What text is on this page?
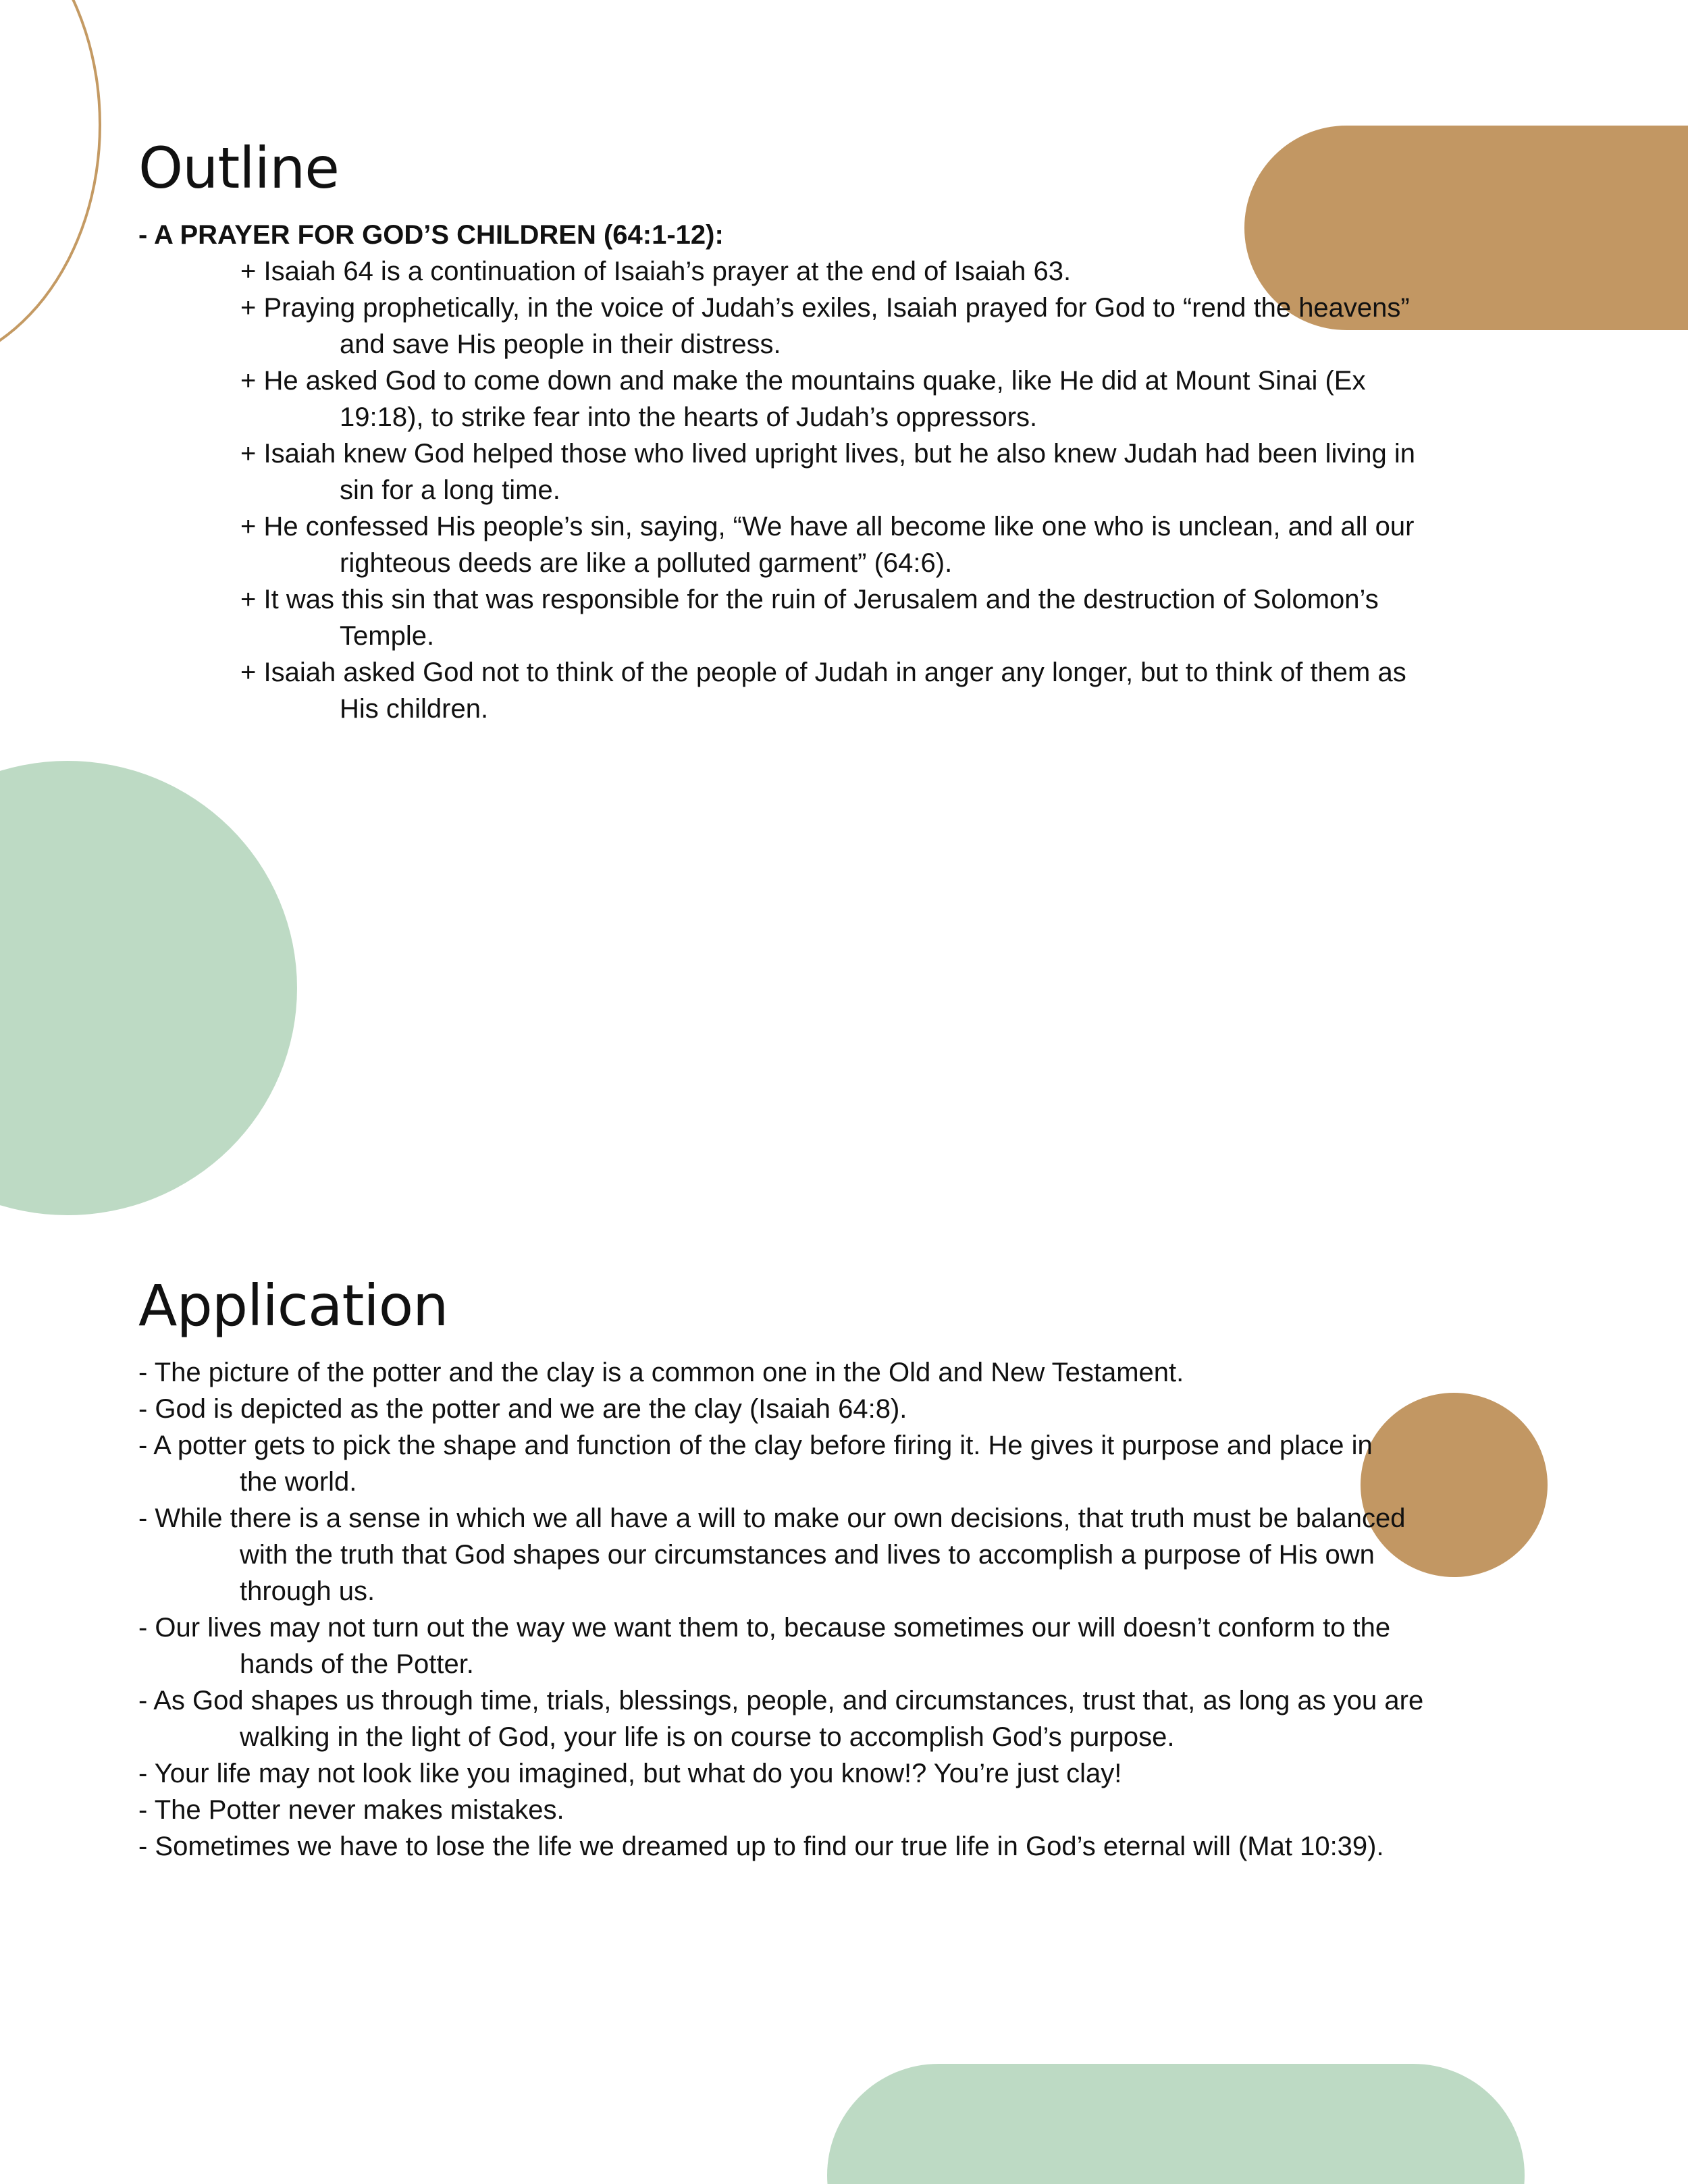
Outline
- A PRAYER FOR GOD’S CHILDREN (64:1-12):
+ Isaiah 64 is a continuation of Isaiah’s prayer at the end of Isaiah 63.
+ Praying prophetically, in the voice of Judah’s exiles, Isaiah prayed for God to “rend the heavens”
and save His people in their distress.
+ He asked God to come down and make the mountains quake, like He did at Mount Sinai (Ex
19:18), to strike fear into the hearts of Judah’s oppressors.
+ Isaiah knew God helped those who lived upright lives, but he also knew Judah had been living in
sin for a long time.
+ He confessed His people’s sin, saying, “We have all become like one who is unclean, and all our
righteous deeds are like a polluted garment” (64:6).
+ It was this sin that was responsible for the ruin of Jerusalem and the destruction of Solomon’s
Temple.
+ Isaiah asked God not to think of the people of Judah in anger any longer, but to think of them as
His children.
Application
- The picture of the potter and the clay is a common one in the Old and New Testament.
- God is depicted as the potter and we are the clay (Isaiah 64:8).
- A potter gets to pick the shape and function of the clay before firing it. He gives it purpose and place in
the world.
- While there is a sense in which we all have a will to make our own decisions, that truth must be balanced
with the truth that God shapes our circumstances and lives to accomplish a purpose of His own
through us.
- Our lives may not turn out the way we want them to, because sometimes our will doesn’t conform to the
hands of the Potter.
- As God shapes us through time, trials, blessings, people, and circumstances, trust that, as long as you are
walking in the light of God, your life is on course to accomplish God’s purpose.
- Your life may not look like you imagined, but what do you know!? You’re just clay!
- The Potter never makes mistakes.
- Sometimes we have to lose the life we dreamed up to find our true life in God’s eternal will (Mat 10:39).
